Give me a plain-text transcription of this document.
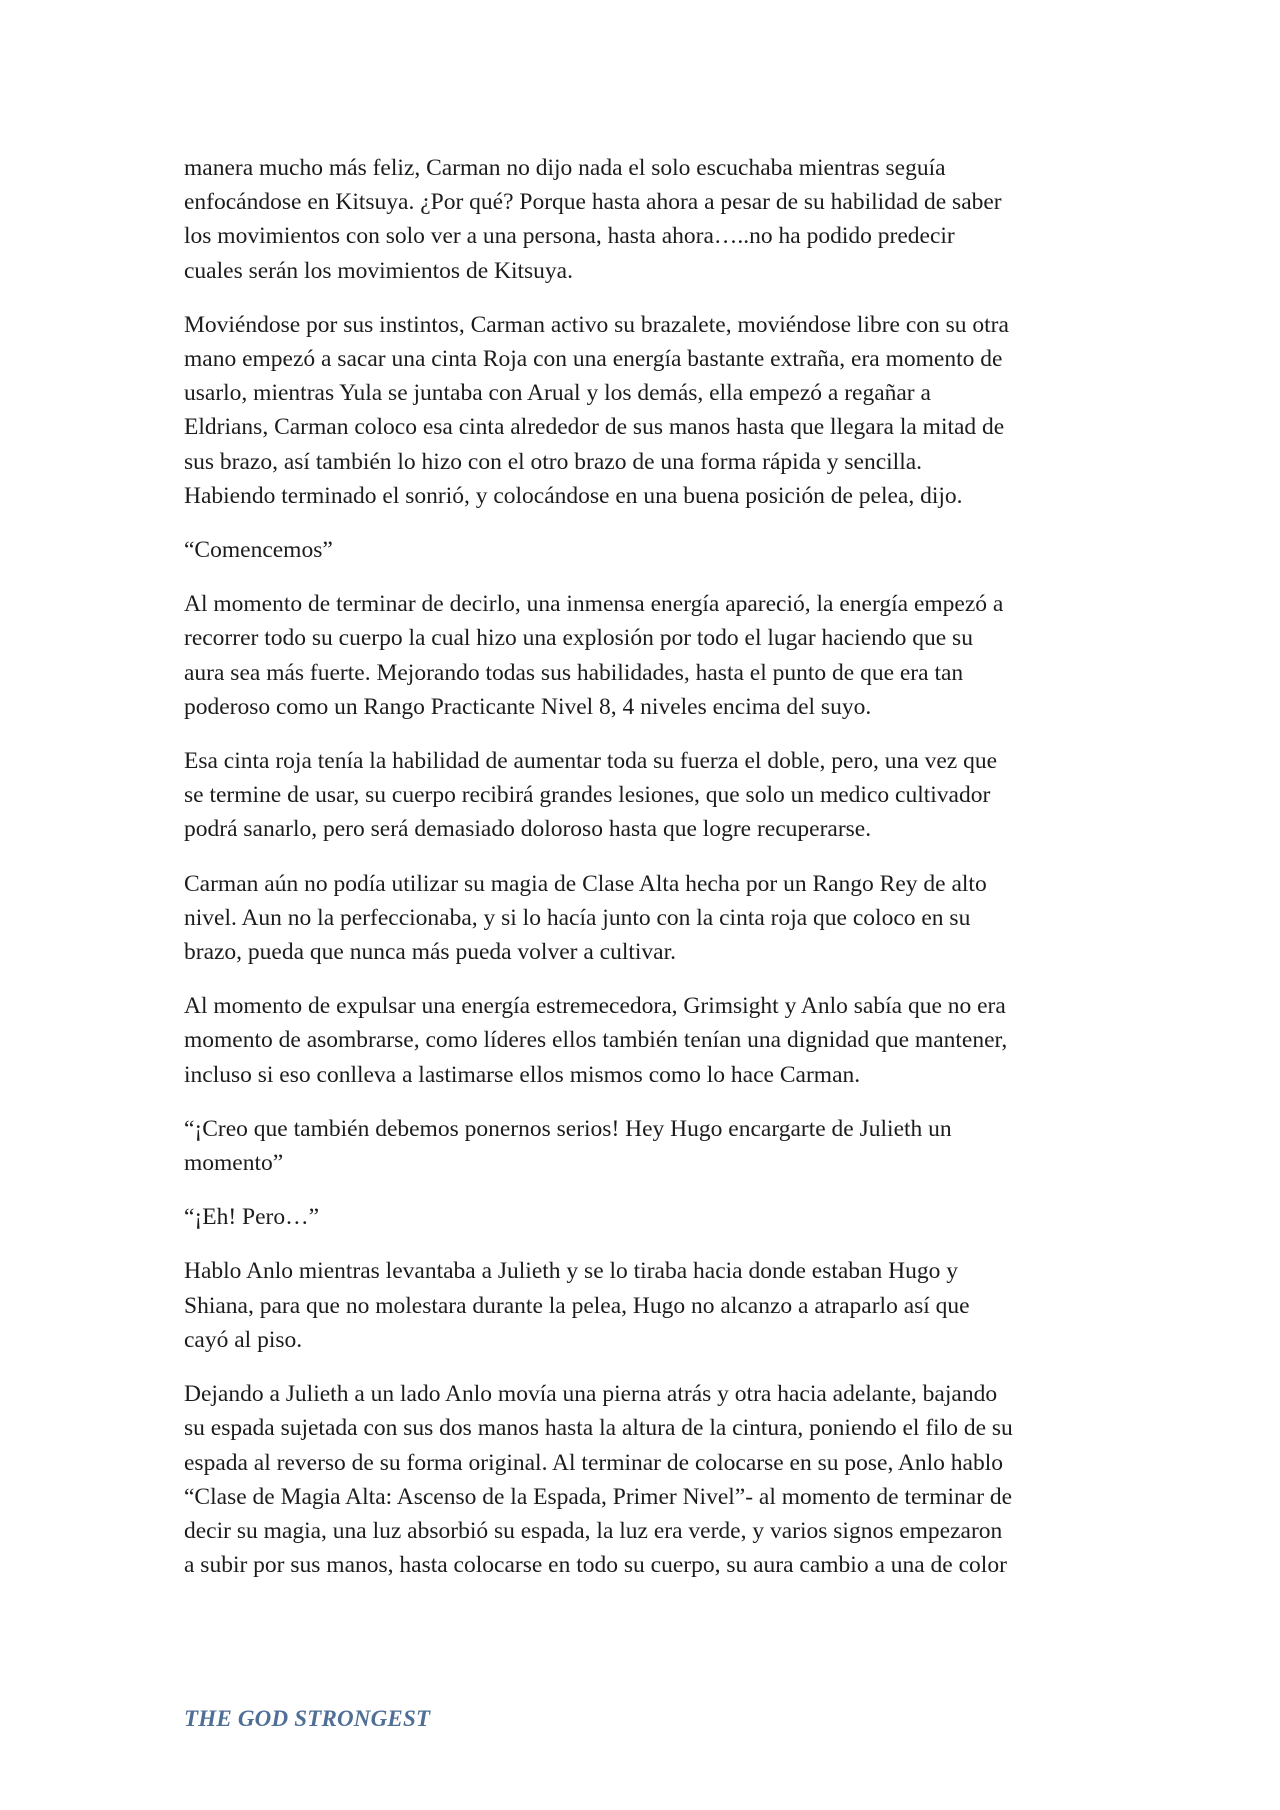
manera mucho más feliz, Carman no dijo nada el solo escuchaba mientras seguía
enfocándose en Kitsuya. ¿Por qué? Porque hasta ahora a pesar de su habilidad de saber
los movimientos con solo ver a una persona, hasta ahora…..no ha podido predecir
cuales serán los movimientos de Kitsuya.

Moviéndose por sus instintos, Carman activo su brazalete, moviéndose libre con su otra
mano empezó a sacar una cinta Roja con una energía bastante extraña, era momento de
usarlo, mientras Yula se juntaba con Arual y los demás, ella empezó a regañar a
Eldrians, Carman coloco esa cinta alrededor de sus manos hasta que llegara la mitad de
sus brazo, así también lo hizo con el otro brazo de una forma rápida y sencilla.
Habiendo terminado el sonrió, y colocándose en una buena posición de pelea, dijo.

“Comencemos”

Al momento de terminar de decirlo, una inmensa energía apareció, la energía empezó a
recorrer todo su cuerpo la cual hizo una explosión por todo el lugar haciendo que su
aura sea más fuerte. Mejorando todas sus habilidades, hasta el punto de que era tan
poderoso como un Rango Practicante Nivel 8, 4 niveles encima del suyo.

Esa cinta roja tenía la habilidad de aumentar toda su fuerza el doble, pero, una vez que
se termine de usar, su cuerpo recibirá grandes lesiones, que solo un medico cultivador
podrá sanarlo, pero será demasiado doloroso hasta que logre recuperarse.

Carman aún no podía utilizar su magia de Clase Alta hecha por un Rango Rey de alto
nivel. Aun no la perfeccionaba, y si lo hacía junto con la cinta roja que coloco en su
brazo, pueda que nunca más pueda volver a cultivar.

Al momento de expulsar una energía estremecedora, Grimsight y Anlo sabía que no era
momento de asombrarse, como líderes ellos también tenían una dignidad que mantener,
incluso si eso conlleva a lastimarse ellos mismos como lo hace Carman.

“¡Creo que también debemos ponernos serios! Hey Hugo encargarte de Julieth un
momento”

“¡Eh! Pero…”

Hablo Anlo mientras levantaba a Julieth y se lo tiraba hacia donde estaban Hugo y
Shiana, para que no molestara durante la pelea, Hugo no alcanzo a atraparlo así que
cayó al piso.

Dejando a Julieth a un lado Anlo movía una pierna atrás y otra hacia adelante, bajando
su espada sujetada con sus dos manos hasta la altura de la cintura, poniendo el filo de su
espada al reverso de su forma original. Al terminar de colocarse en su pose, Anlo hablo
“Clase de Magia Alta: Ascenso de la Espada, Primer Nivel”- al momento de terminar de
decir su magia, una luz absorbió su espada, la luz era verde, y varios signos empezaron
a subir por sus manos, hasta colocarse en todo su cuerpo, su aura cambio a una de color

THE GOD STRONGEST
